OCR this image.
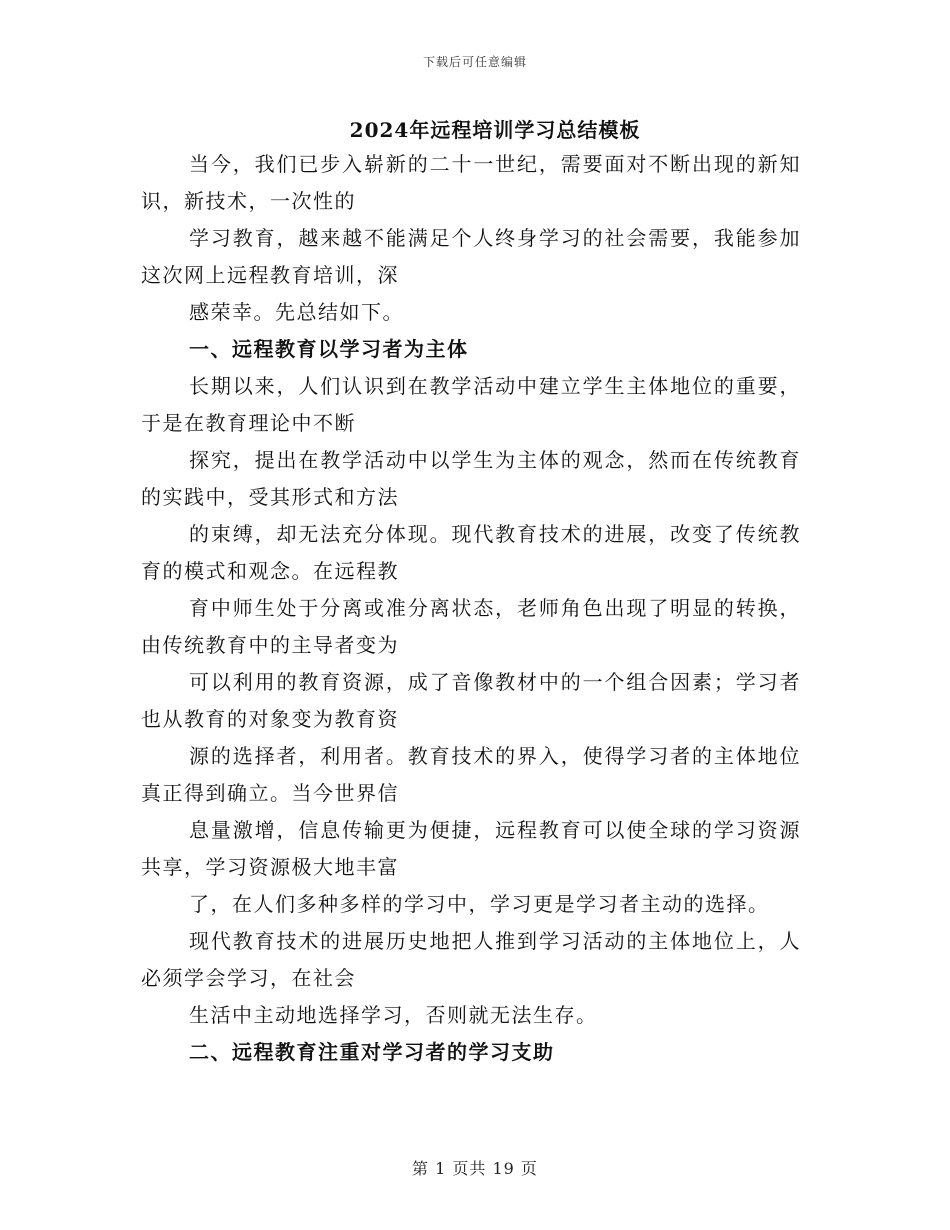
下载后可任意编辑
2024年远程培训学习总结模板

当今，我们已步入崭新的二十一世纪，需要面对不断出现的新知识，新技术，一次性的

学习教育，越来越不能满足个人终身学习的社会需要，我能参加这次网上远程教育培训，深

感荣幸。先总结如下。

一、远程教育以学习者为主体

长期以来，人们认识到在教学活动中建立学生主体地位的重要，于是在教育理论中不断

探究，提出在教学活动中以学生为主体的观念，然而在传统教育的实践中，受其形式和方法

的束缚，却无法充分体现。现代教育技术的进展，改变了传统教育的模式和观念。在远程教

育中师生处于分离或准分离状态，老师角色出现了明显的转换，由传统教育中的主导者变为

可以利用的教育资源，成了音像教材中的一个组合因素；学习者也从教育的对象变为教育资

源的选择者，利用者。教育技术的界入，使得学习者的主体地位真正得到确立。当今世界信

息量激增，信息传输更为便捷，远程教育可以使全球的学习资源共享，学习资源极大地丰富

了，在人们多种多样的学习中，学习更是学习者主动的选择。

现代教育技术的进展历史地把人推到学习活动的主体地位上，人必须学会学习，在社会

生活中主动地选择学习，否则就无法生存。

二、远程教育注重对学习者的学习支助

第 1 页共 19 页
